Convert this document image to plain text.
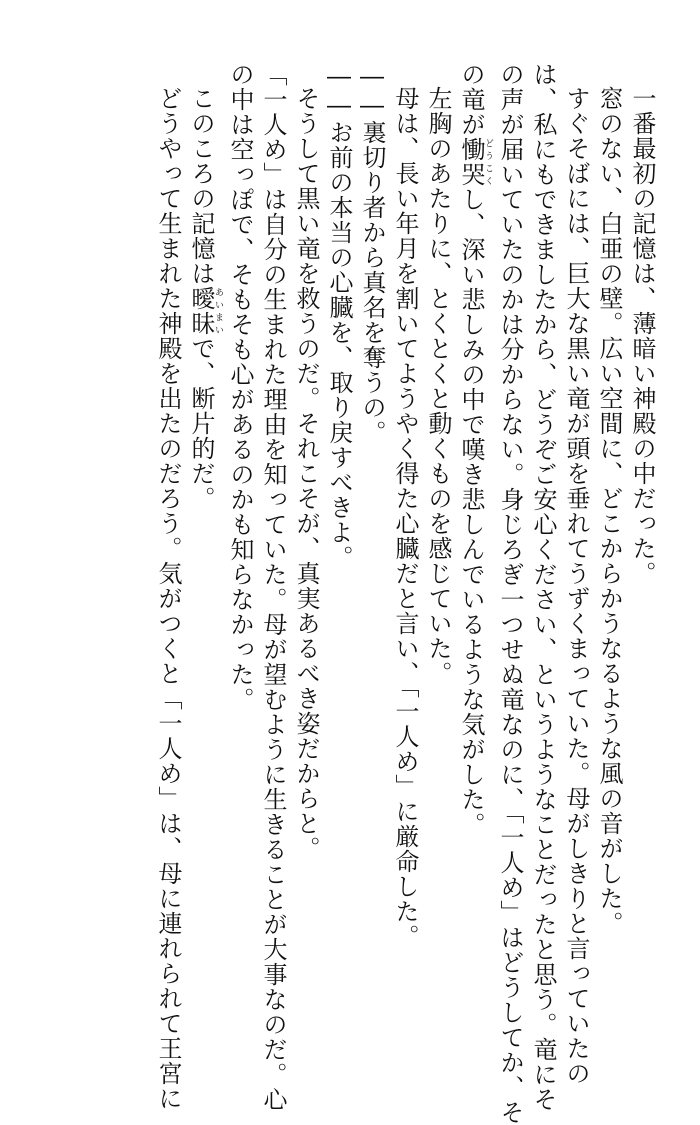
一番最初の記憶は、薄暗い神殿の中だった。
窓のない、白亜の壁。広い空間に、どこからかうなるような風の音がした。
すぐそばには、巨大な黒い竜が頭を垂れてうずくまっていた。母がしきりと言っていたの
は、私にもできましたから、どうぞご安心ください、というようなことだったと思う。竜にそ
の声が届いていたのかは分からない。身じろぎ一つせぬ竜なのに、「一人め」はどうしてか、そ
の竜が慟哭どうこくし、深い悲しみの中で嘆き悲しんでいるような気がした。
左胸のあたりに、とくとくと動くものを感じていた。
母は、長い年月を割いてようやく得た心臓だと言い、「一人め」に厳命した。
――裏切り者から真名を奪うの。
――お前の本当の心臓を、取り戻すべきよ。
そうして黒い竜を救うのだ。それこそが、真実あるべき姿だからと。
「一人め」は自分の生まれた理由を知っていた。母が望むように生きることが大事なのだ。心
の中は空っぽで、そもそも心があるのかも知らなかった。
このころの記憶は曖昧あいまいで、断片的だ。
どうやって生まれた神殿を出たのだろう。気がつくと「一人め」は、母に連れられて王宮に
